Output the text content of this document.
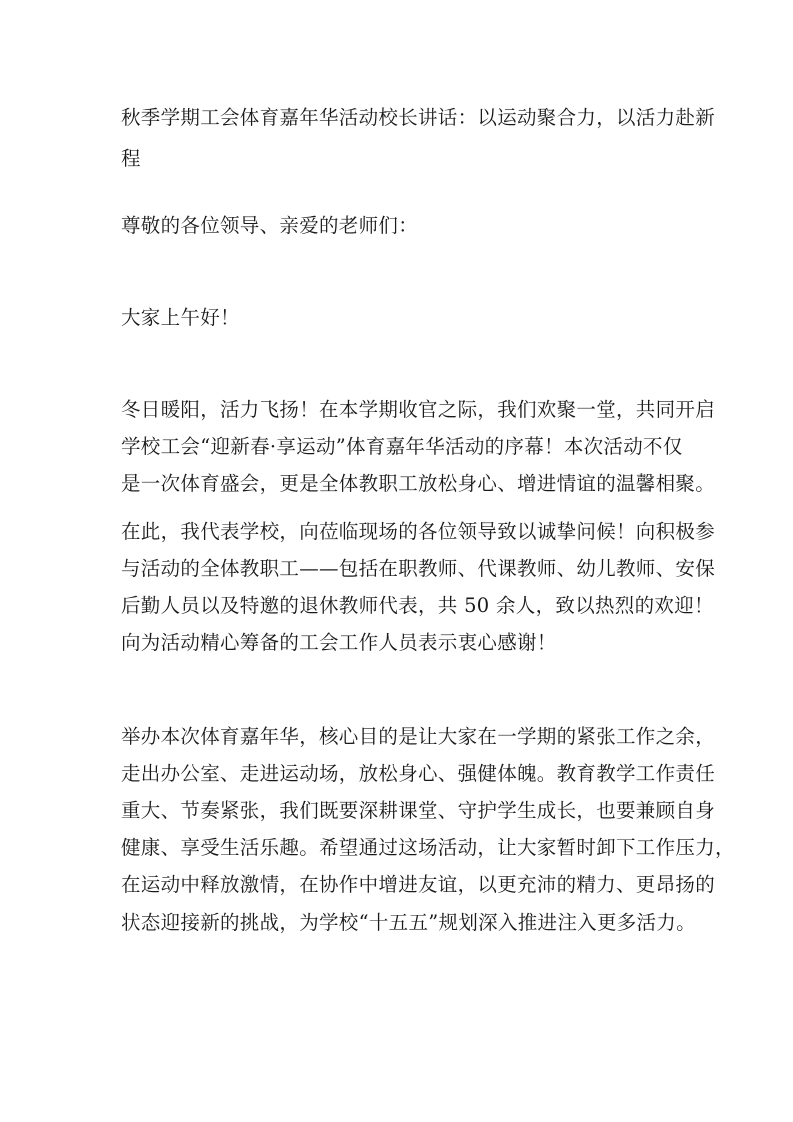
秋季学期工会体育嘉年华活动校长讲话：以运动聚合力，以活力赴新
程
尊敬的各位领导、亲爱的老师们：
大家上午好！
冬日暖阳，活力飞扬！在本学期收官之际，我们欢聚一堂，共同开启
学校工会“迎新春·享运动”体育嘉年华活动的序幕！本次活动不仅
是一次体育盛会，更是全体教职工放松身心、增进情谊的温馨相聚。
在此，我代表学校，向莅临现场的各位领导致以诚挚问候！向积极参
与活动的全体教职工——包括在职教师、代课教师、幼儿教师、安保
后勤人员以及特邀的退休教师代表，共 50 余人，致以热烈的欢迎！
向为活动精心筹备的工会工作人员表示衷心感谢！
举办本次体育嘉年华，核心目的是让大家在一学期的紧张工作之余，
走出办公室、走进运动场，放松身心、强健体魄。教育教学工作责任
重大、节奏紧张，我们既要深耕课堂、守护学生成长，也要兼顾自身
健康、享受生活乐趣。希望通过这场活动，让大家暂时卸下工作压力，
在运动中释放激情，在协作中增进友谊，以更充沛的精力、更昂扬的
状态迎接新的挑战，为学校“十五五”规划深入推进注入更多活力。
